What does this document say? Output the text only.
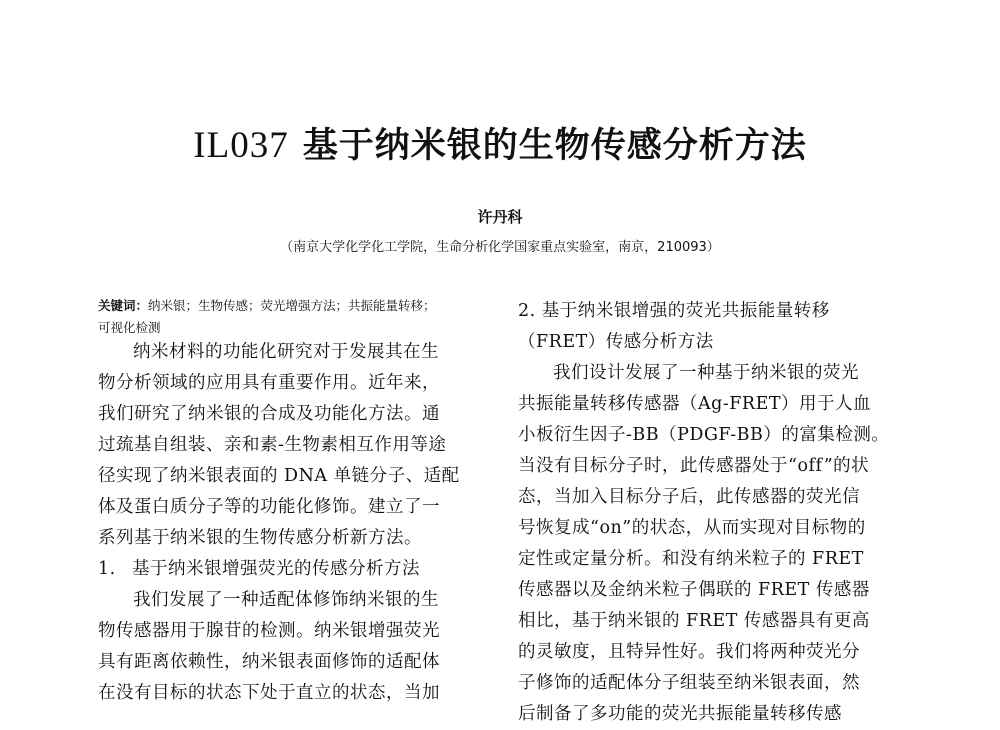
IL037 基于纳米银的生物传感分析方法
许丹科
（南京大学化学化工学院，生命分析化学国家重点实验室，南京，210093）
关键词：纳米银；生物传感；荧光增强方法；共振能量转移；
可视化检测

纳米材料的功能化研究对于发展其在生
物分析领域的应用具有重要作用。近年来，
我们研究了纳米银的合成及功能化方法。通
过巯基自组装、亲和素-生物素相互作用等途
径实现了纳米银表面的 DNA 单链分子、适配
体及蛋白质分子等的功能化修饰。建立了一
系列基于纳米银的生物传感分析新方法。

1. 基于纳米银增强荧光的传感分析方法

我们发展了一种适配体修饰纳米银的生
物传感器用于腺苷的检测。纳米银增强荧光
具有距离依赖性，纳米银表面修饰的适配体
在没有目标的状态下处于直立的状态，当加

2. 基于纳米银增强的荧光共振能量转移
（FRET）传感分析方法

我们设计发展了一种基于纳米银的荧光
共振能量转移传感器（Ag-FRET）用于人血
小板衍生因子-BB（PDGF-BB）的富集检测。
当没有目标分子时，此传感器处于“off”的状
态，当加入目标分子后，此传感器的荧光信
号恢复成“on”的状态，从而实现对目标物的
定性或定量分析。和没有纳米粒子的 FRET
传感器以及金纳米粒子偶联的 FRET 传感器
相比，基于纳米银的 FRET 传感器具有更高
的灵敏度，且特异性好。我们将两种荧光分
子修饰的适配体分子组装至纳米银表面，然
后制备了多功能的荧光共振能量转移传感
